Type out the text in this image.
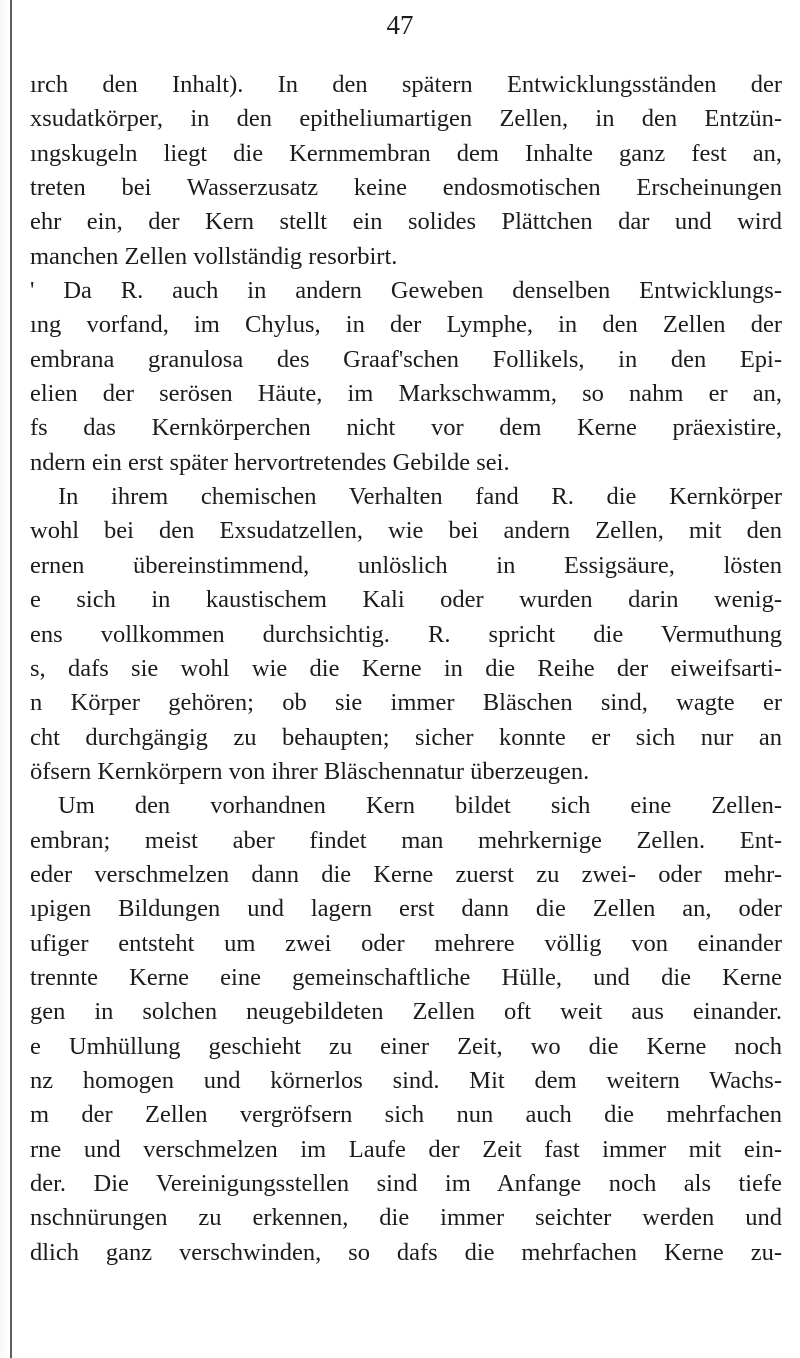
47
ırch den Inhalt). In den spätern Entwicklungsständen der
xsudatkörper, in den epitheliumartigen Zellen, in den Entzün-
ıngskugeln liegt die Kernmembran dem Inhalte ganz fest an,
treten bei Wasserzusatz keine endosmotischen Erscheinungen
ehr ein, der Kern stellt ein solides Plättchen dar und wird
manchen Zellen vollständig resorbirt.
' Da R. auch in andern Geweben denselben Entwicklungs-
ıng vorfand, im Chylus, in der Lymphe, in den Zellen der
embrana granulosa des Graaf'schen Follikels, in den Epi-
elien der serösen Häute, im Markschwamm, so nahm er an,
fs das Kernkörperchen nicht vor dem Kerne präexistire,
ndern ein erst später hervortretendes Gebilde sei.
In ihrem chemischen Verhalten fand R. die Kernkörper
wohl bei den Exsudatzellen, wie bei andern Zellen, mit den
ernen übereinstimmend, unlöslich in Essigsäure, lösten
e sich in kaustischem Kali oder wurden darin wenig-
ens vollkommen durchsichtig. R. spricht die Vermuthung
s, dafs sie wohl wie die Kerne in die Reihe der eiweifsarti-
n Körper gehören; ob sie immer Bläschen sind, wagte er
cht durchgängig zu behaupten; sicher konnte er sich nur an
öfsern Kernkörpern von ihrer Bläschennatur überzeugen.
Um den vorhandnen Kern bildet sich eine Zellen-
embran; meist aber findet man mehrkernige Zellen. Ent-
eder verschmelzen dann die Kerne zuerst zu zwei- oder mehr-
ıpigen Bildungen und lagern erst dann die Zellen an, oder
ufiger entsteht um zwei oder mehrere völlig von einander
trennte Kerne eine gemeinschaftliche Hülle, und die Kerne
gen in solchen neugebildeten Zellen oft weit aus einander.
e Umhüllung geschieht zu einer Zeit, wo die Kerne noch
nz homogen und körnerlos sind. Mit dem weitern Wachs-
m der Zellen vergröfsern sich nun auch die mehrfachen
rne und verschmelzen im Laufe der Zeit fast immer mit ein-
der. Die Vereinigungsstellen sind im Anfange noch als tiefe
nschnürungen zu erkennen, die immer seichter werden und
dlich ganz verschwinden, so dafs die mehrfachen Kerne zu-
